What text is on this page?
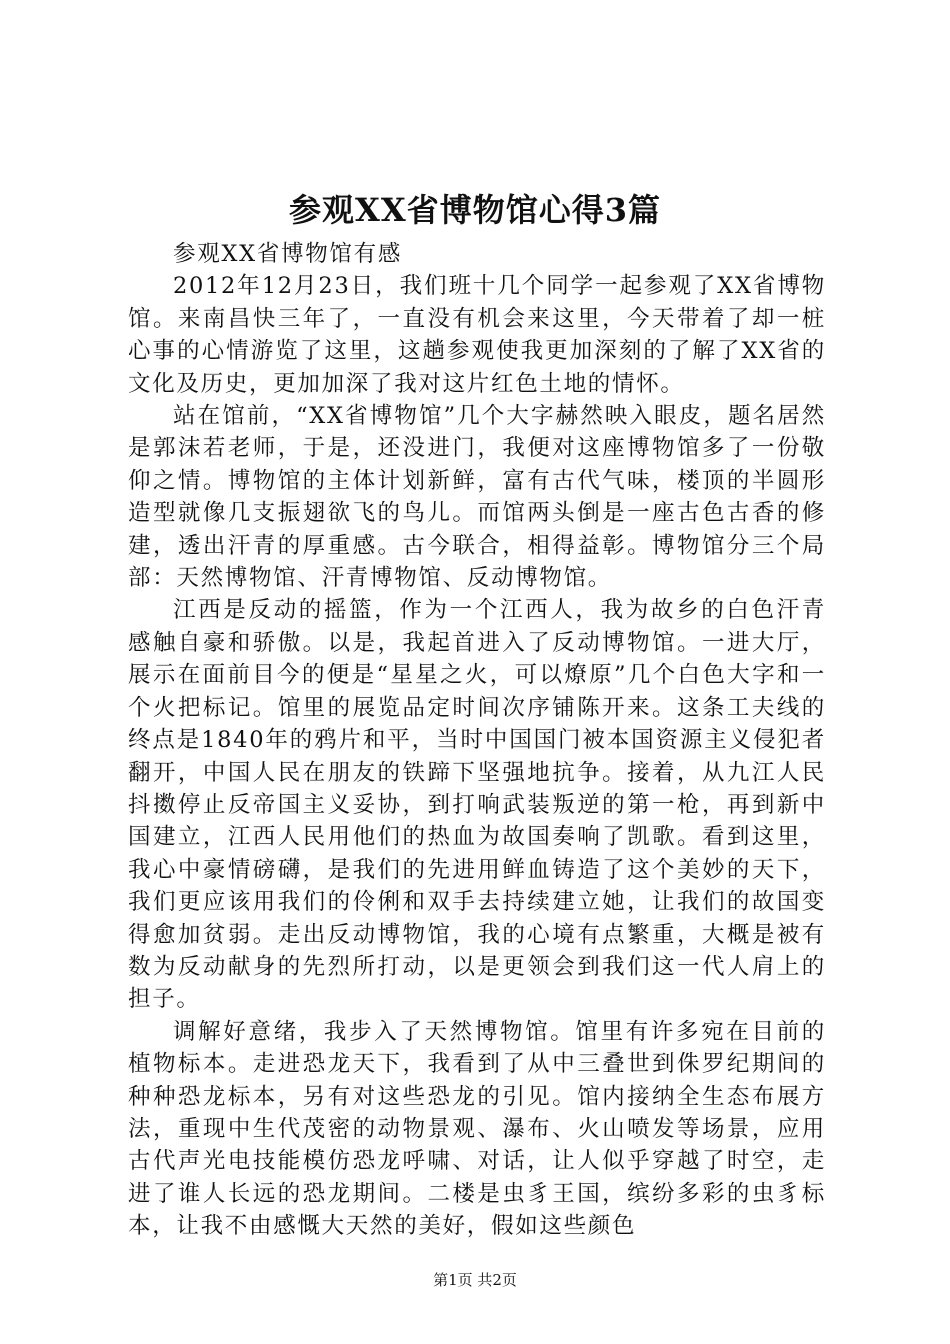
参观XX省博物馆心得3篇

参观XX省博物馆有感

2012年12月23日，我们班十几个同学一起参观了XX省博物馆。来南昌快三年了，一直没有机会来这里，今天带着了却一桩心事的心情游览了这里，这趟参观使我更加深刻的了解了XX省的文化及历史，更加加深了我对这片红色土地的情怀。

站在馆前，“XX省博物馆”几个大字赫然映入眼皮，题名居然是郭沫若老师，于是，还没进门，我便对这座博物馆多了一份敬仰之情。博物馆的主体计划新鲜，富有古代气味，楼顶的半圆形造型就像几支振翅欲飞的鸟儿。而馆两头倒是一座古色古香的修建，透出汗青的厚重感。古今联合，相得益彰。博物馆分三个局部：天然博物馆、汗青博物馆、反动博物馆。

江西是反动的摇篮，作为一个江西人，我为故乡的白色汗青感触自豪和骄傲。以是，我起首进入了反动博物馆。一进大厅，展示在面前目今的便是“星星之火，可以燎原”几个白色大字和一个火把标记。馆里的展览品定时间次序铺陈开来。这条工夫线的终点是1840年的鸦片和平，当时中国国门被本国资源主义侵犯者翻开，中国人民在朋友的铁蹄下坚强地抗争。接着，从九江人民抖擞停止反帝国主义妥协，到打响武装叛逆的第一枪，再到新中国建立，江西人民用他们的热血为故国奏响了凯歌。看到这里，我心中豪情磅礴，是我们的先进用鲜血铸造了这个美妙的天下，我们更应该用我们的伶俐和双手去持续建立她，让我们的故国变得愈加贫弱。走出反动博物馆，我的心境有点繁重，大概是被有数为反动献身的先烈所打动，以是更领会到我们这一代人肩上的担子。

调解好意绪，我步入了天然博物馆。馆里有许多宛在目前的植物标本。走进恐龙天下，我看到了从中三叠世到侏罗纪期间的种种恐龙标本，另有对这些恐龙的引见。馆内接纳全生态布展方法，重现中生代茂密的动物景观、瀑布、火山喷发等场景，应用古代声光电技能模仿恐龙呼啸、对话，让人似乎穿越了时空，走进了谁人长远的恐龙期间。二楼是虫豸王国，缤纷多彩的虫豸标本，让我不由感慨大天然的美好，假如这些颜色

第1页 共2页
